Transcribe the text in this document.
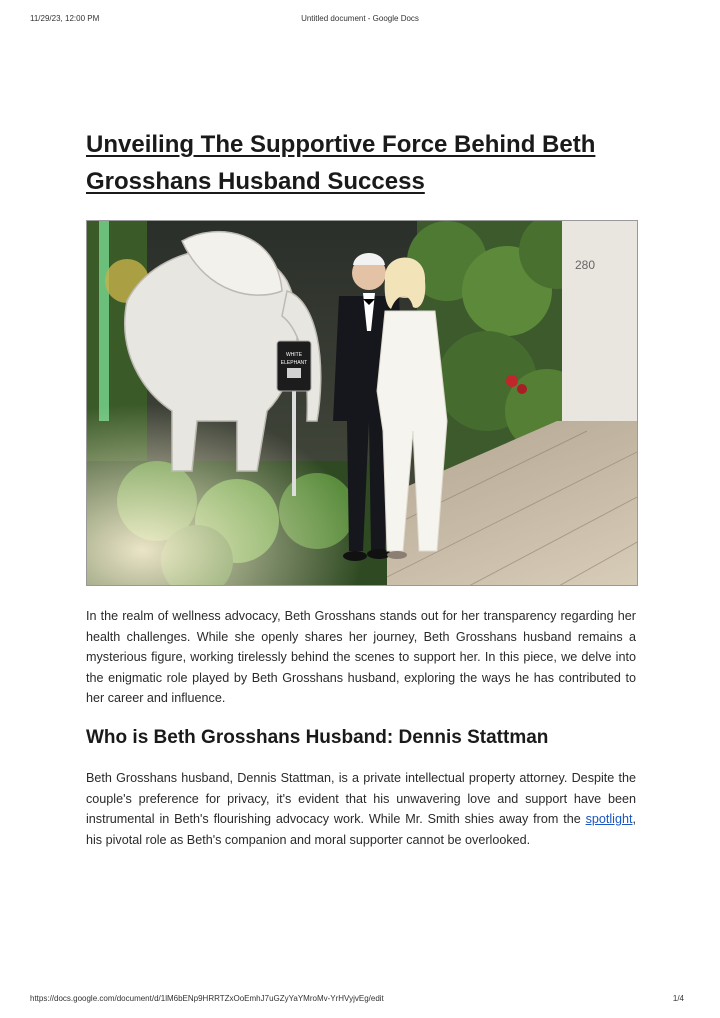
11/29/23, 12:00 PM	Untitled document - Google Docs
Unveiling The Supportive Force Behind Beth Grosshans Husband Success
WHITE
ELEPHANT

In the realm of wellness advocacy, Beth Grosshans stands out for her transparency regarding her health challenges. While she openly shares her journey, Beth Grosshans husband remains a mysterious figure, working tirelessly behind the scenes to support her. In this piece, we delve into the enigmatic role played by Beth Grosshans husband, exploring the ways he has contributed to her career and influence.

Who is Beth Grosshans Husband: Dennis Stattman

Beth Grosshans husband, Dennis Stattman, is a private intellectual property attorney. Despite the couple's preference for privacy, it's evident that his unwavering love and support have been instrumental in Beth's flourishing advocacy work. While Mr. Smith shies away from the spotlight, his pivotal role as Beth's companion and moral supporter cannot be overlooked.

https://docs.google.com/document/d/1lM6bENp9HRRTZxOoEmhJ7uGZyYaYMroMv-YrHVyjvEg/edit	1/4
